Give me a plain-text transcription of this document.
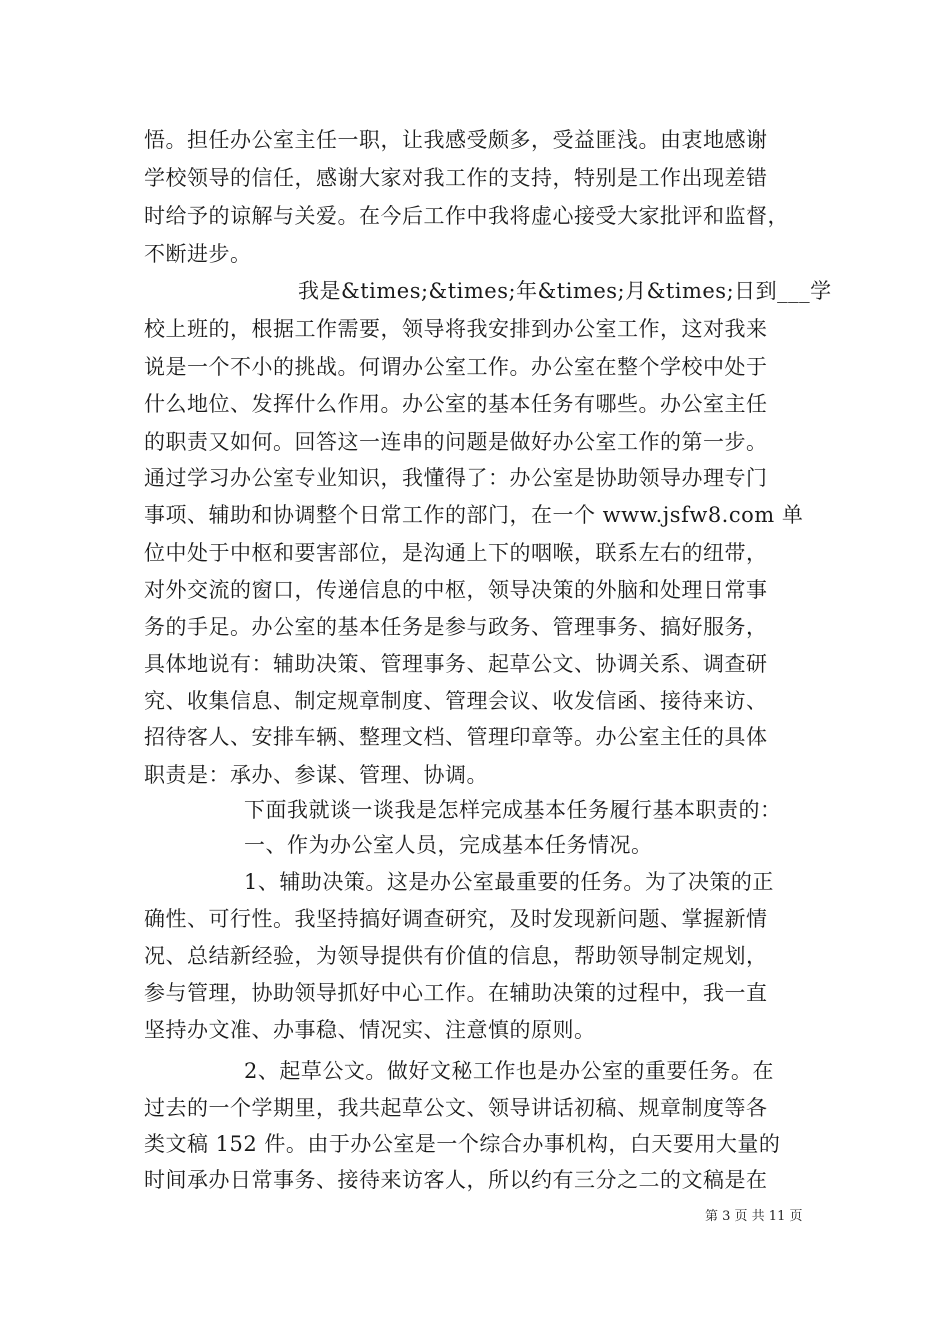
悟。担任办公室主任一职，让我感受颇多，受益匪浅。由衷地感谢
学校领导的信任，感谢大家对我工作的支持，特别是工作出现差错
时给予的谅解与关爱。在今后工作中我将虚心接受大家批评和监督，
不断进步。
我是&times;&times;年&times;月&times;日到___学
校上班的，根据工作需要，领导将我安排到办公室工作，这对我来
说是一个不小的挑战。何谓办公室工作。办公室在整个学校中处于
什么地位、发挥什么作用。办公室的基本任务有哪些。办公室主任
的职责又如何。回答这一连串的问题是做好办公室工作的第一步。
通过学习办公室专业知识，我懂得了：办公室是协助领导办理专门
事项、辅助和协调整个日常工作的部门，在一个 www.jsfw8.com 单
位中处于中枢和要害部位，是沟通上下的咽喉，联系左右的纽带，
对外交流的窗口，传递信息的中枢，领导决策的外脑和处理日常事
务的手足。办公室的基本任务是参与政务、管理事务、搞好服务，
具体地说有：辅助决策、管理事务、起草公文、协调关系、调查研
究、收集信息、制定规章制度、管理会议、收发信函、接待来访、
招待客人、安排车辆、整理文档、管理印章等。办公室主任的具体
职责是：承办、参谋、管理、协调。
下面我就谈一谈我是怎样完成基本任务履行基本职责的：
一、作为办公室人员，完成基本任务情况。
1、辅助决策。这是办公室最重要的任务。为了决策的正
确性、可行性。我坚持搞好调查研究，及时发现新问题、掌握新情
况、总结新经验，为领导提供有价值的信息，帮助领导制定规划，
参与管理，协助领导抓好中心工作。在辅助决策的过程中，我一直
坚持办文准、办事稳、情况实、注意慎的原则。
2、起草公文。做好文秘工作也是办公室的重要任务。在
过去的一个学期里，我共起草公文、领导讲话初稿、规章制度等各
类文稿 152 件。由于办公室是一个综合办事机构，白天要用大量的
时间承办日常事务、接待来访客人，所以约有三分之二的文稿是在
第 3 页 共 11 页
